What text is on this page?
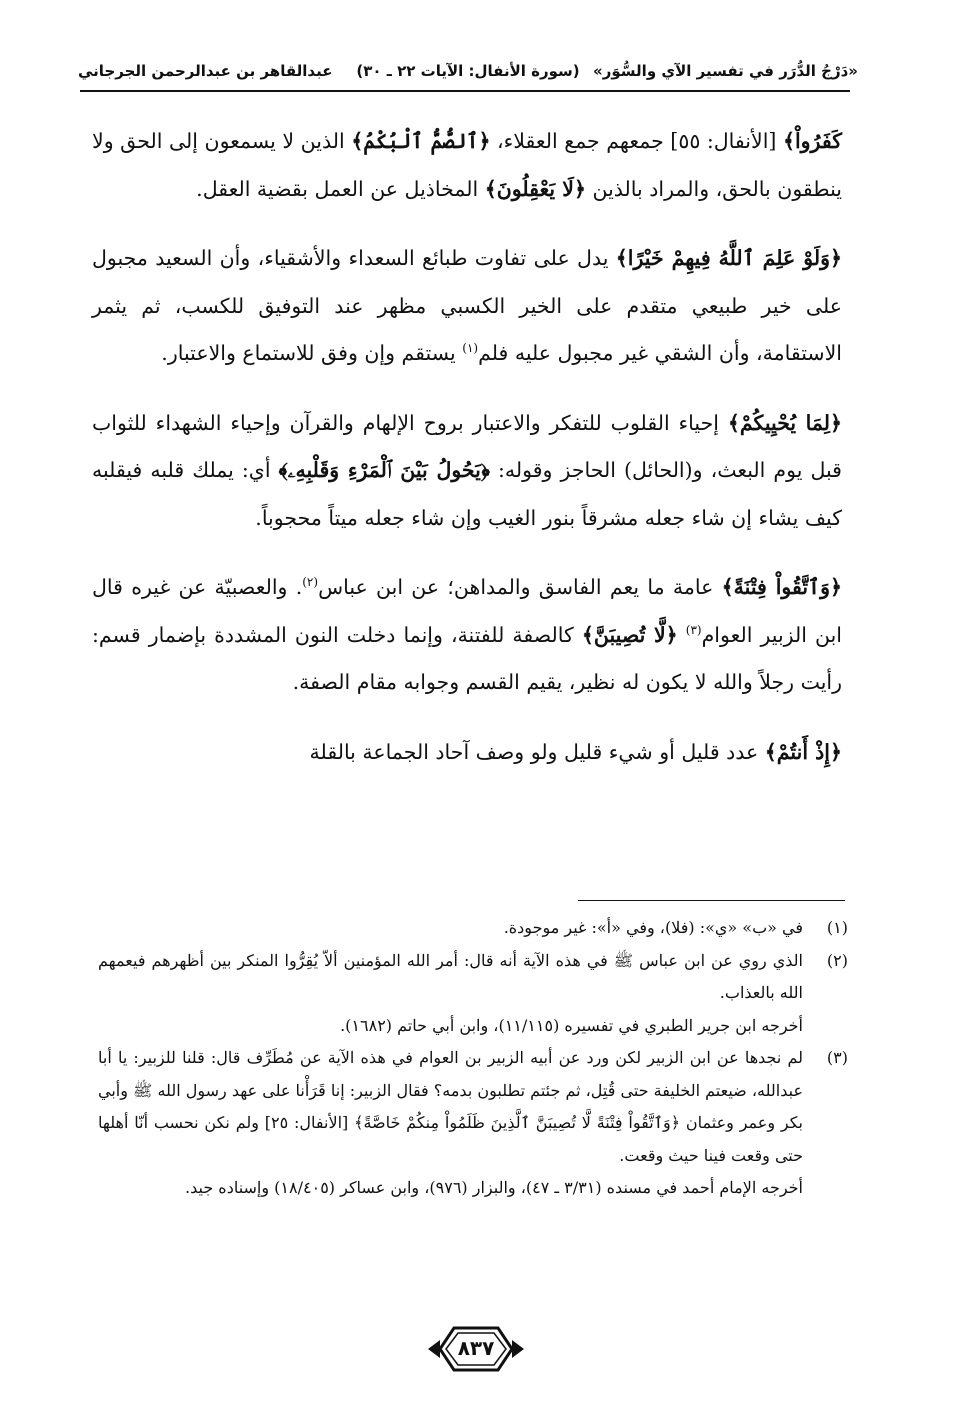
«دَرْجُ الدُّرَر في تفسير الآي والسُّوَر»
(سورة الأنفال: الآيات ٢٢ ـ ٣٠)
عبدالقاهر بن عبدالرحمن الجرجاني

كَفَرُواْ﴾ [الأنفال: ٥٥] جمعهم جمع العقلاء، ﴿ٱلصُّمُّ ٱلْبُكْمُ﴾ الذين لا يسمعون إلى الحق ولا ينطقون بالحق، والمراد بالذين ﴿لَا يَعْقِلُونَ﴾ المخاذيل عن العمل بقضية العقل.

﴿وَلَوْ عَلِمَ ٱللَّهُ فِيهِمْ خَيْرًا﴾ يدل على تفاوت طبائع السعداء والأشقياء، وأن السعيد مجبول على خير طبيعي متقدم على الخير الكسبي مظهر عند التوفيق للكسب، ثم يثمر الاستقامة، وأن الشقي غير مجبول عليه فلم$^{(١)}$ يستقم وإن وفق للاستماع والاعتبار.

﴿لِمَا يُحْيِيكُمْ﴾ إحياء القلوب للتفكر والاعتبار بروح الإلهام والقرآن وإحياء الشهداء للثواب قبل يوم البعث، و(الحائل) الحاجز وقوله: ﴿يَحُولُ بَيْنَ ٱلْمَرْءِ وَقَلْبِهِۦ﴾ أي: يملك قلبه فيقلبه كيف يشاء إن شاء جعله مشرقاً بنور الغيب وإن شاء جعله ميتاً محجوباً.

﴿وَٱتَّقُواْ فِتْنَةً﴾ عامة ما يعم الفاسق والمداهن؛ عن ابن عباس$^{(٢)}$. والعصبيّة عن غيره قال ابن الزبير العوام$^{(٣)}$ ﴿لَّا تُصِيبَنَّ﴾ كالصفة للفتنة، وإنما دخلت النون المشددة بإضمار قسم: رأيت رجلاً والله لا يكون له نظير، يقيم القسم وجوابه مقام الصفة.

﴿إِذْ أَنتُمْ﴾ عدد قليل أو شيء قليل ولو وصف آحاد الجماعة بالقلة

(١)
في «ب» «ي»: (فلا)، وفي «أ»: غير موجودة.
(٢)
الذي روي عن ابن عباس ﷺ في هذه الآية أنه قال: أمر الله المؤمنين ألاّ يُقِرُّوا المنكر بين أظهرهم فيعمهم الله بالعذاب.
أخرجه ابن جرير الطبري في تفسيره (١١/١١٥)، وابن أبي حاتم (١٦٨٢).
(٣)
لم نجدها عن ابن الزبير لكن ورد عن أبيه الزبير بن العوام في هذه الآية عن مُطَرِّف قال: قلنا للزبير: يا أبا عبدالله، ضيعتم الخليفة حتى قُتِل، ثم جئتم تطلبون بدمه؟ فقال الزبير: إنا قَرَأْنا على عهد رسول الله ﷺ وأبي بكر وعمر وعثمان ﴿وَٱتَّقُواْ فِتْنَةً لَّا تُصِيبَنَّ ٱلَّذِينَ ظَلَمُواْ مِنكُمْ خَاصَّةً﴾ [الأنفال: ٢٥] ولم نكن نحسب أنّا أهلها حتى وقعت فينا حيث وقعت.
أخرجه الإمام أحمد في مسنده (٣/٣١ ـ ٤٧)، والبزار (٩٧٦)، وابن عساكر (١٨/٤٠٥) وإسناده جيد.
٨٣٧
